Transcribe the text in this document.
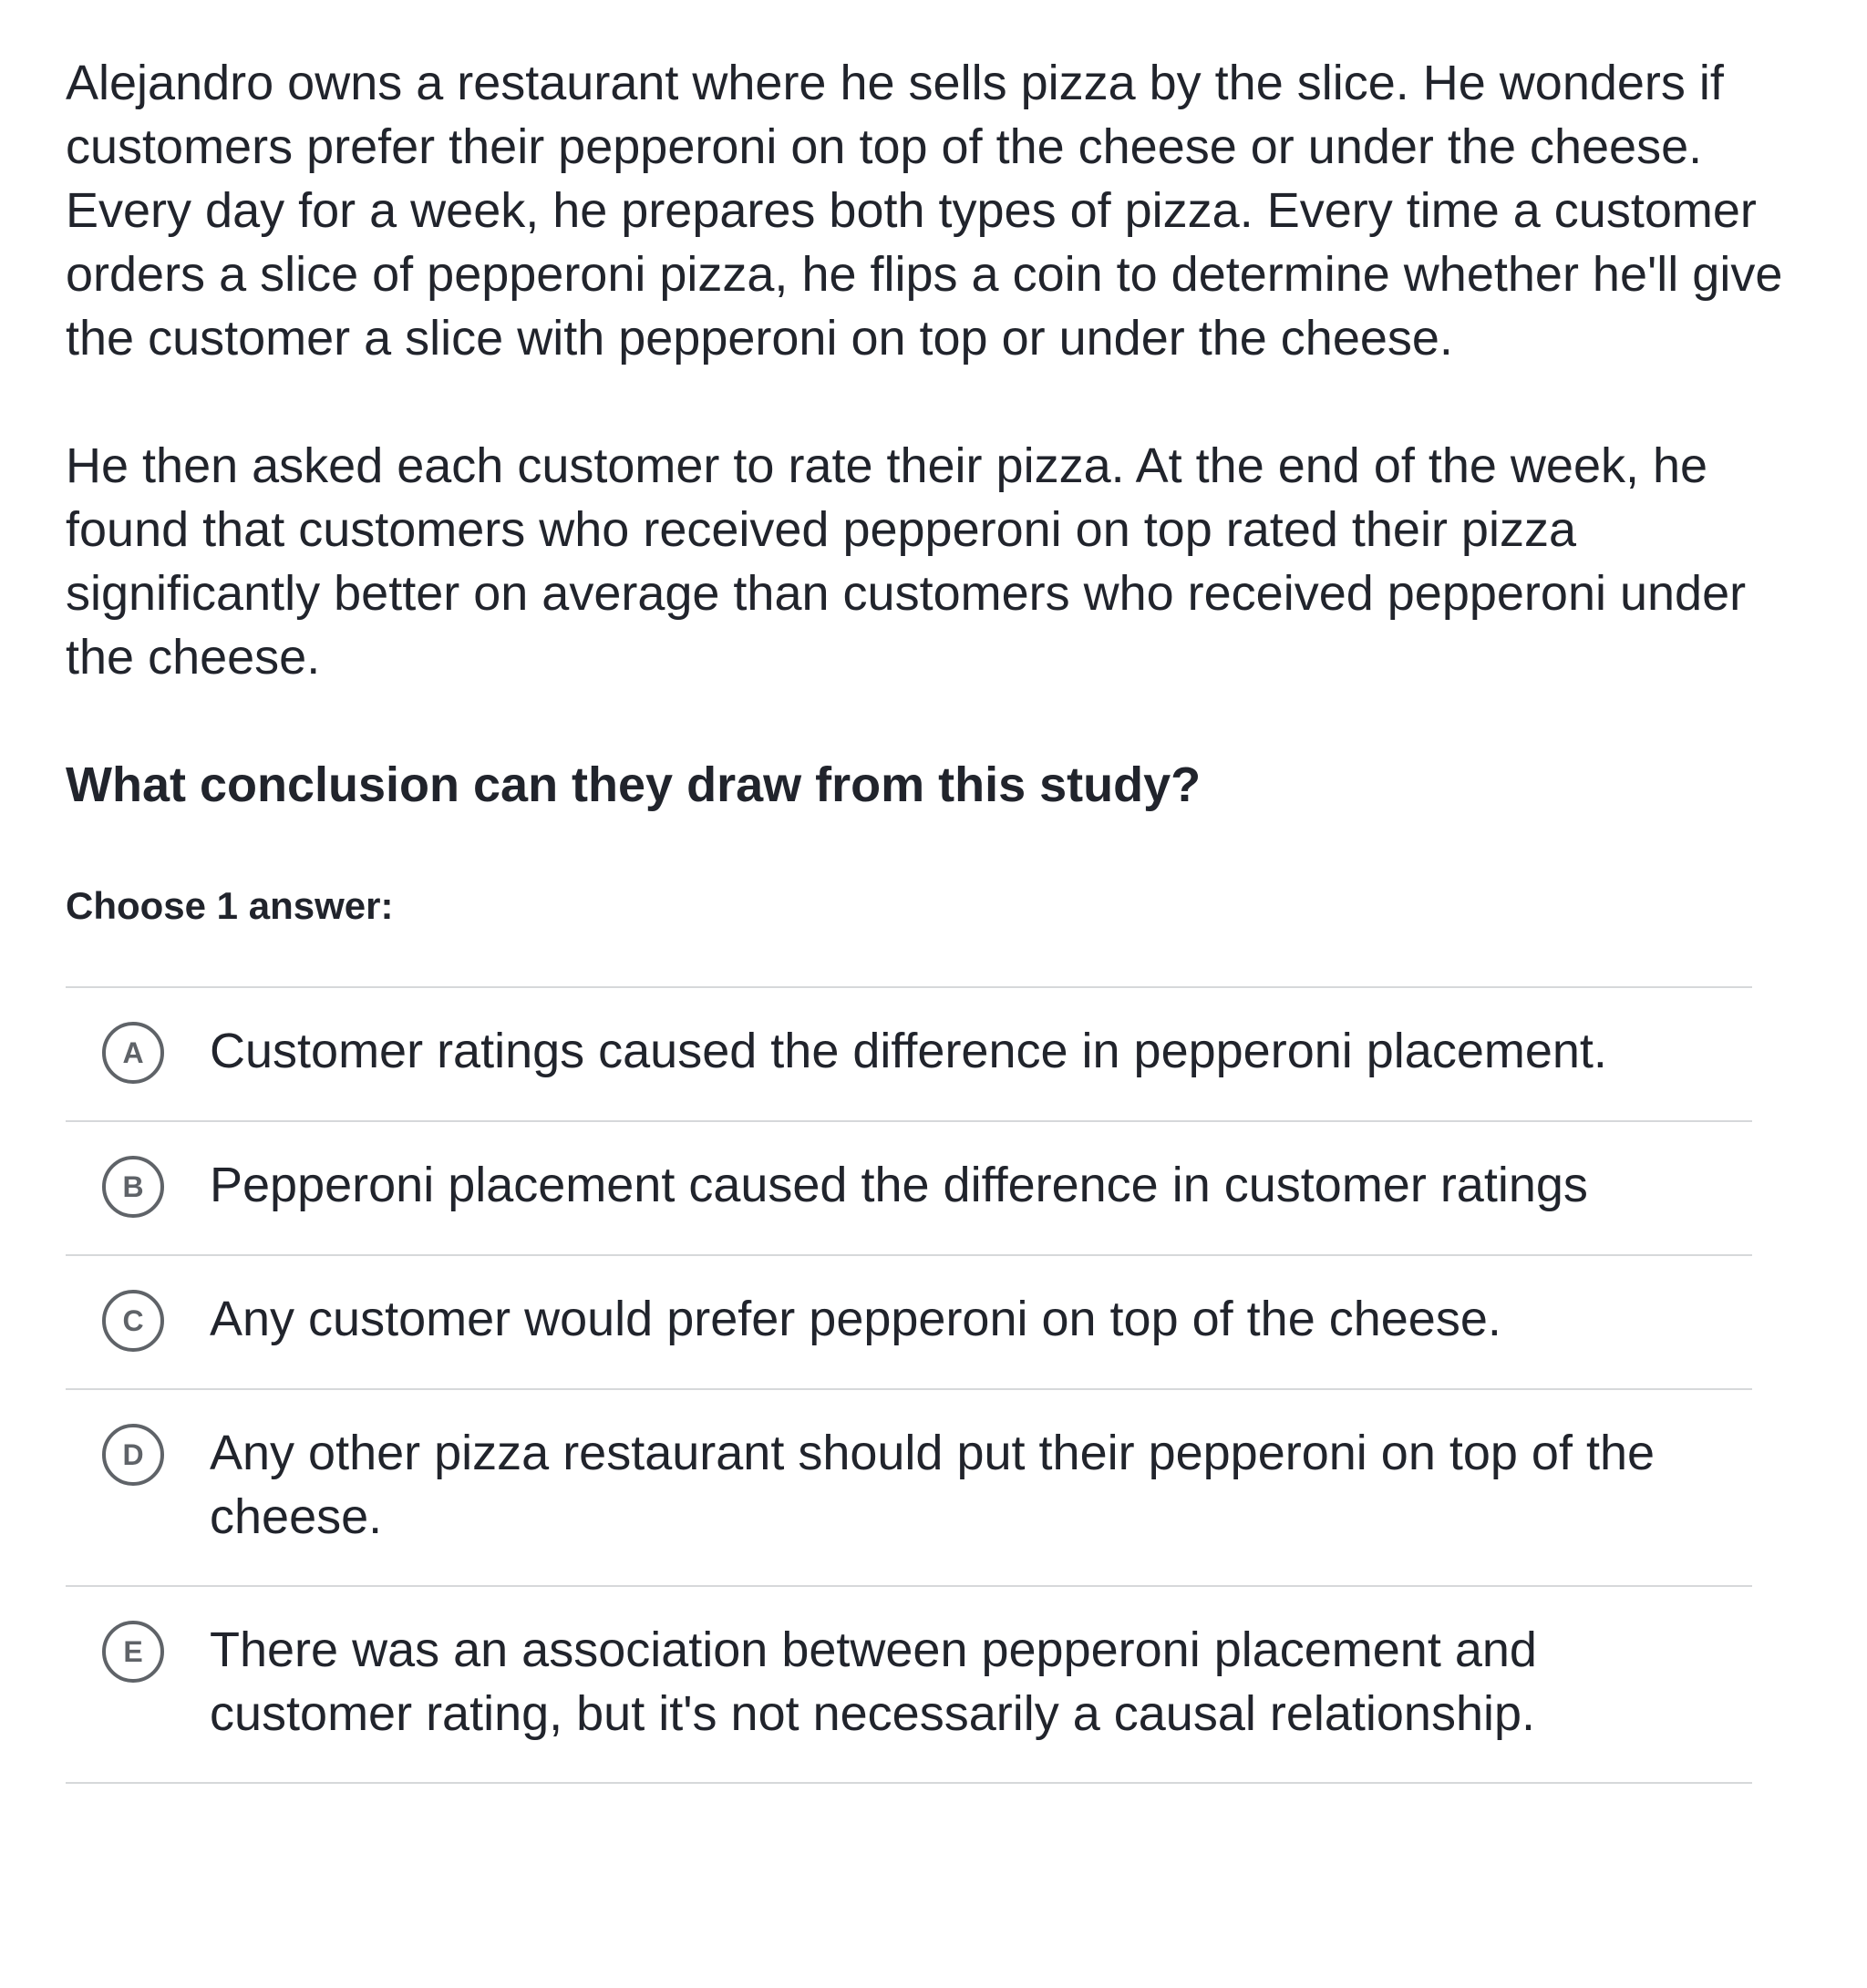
Alejandro owns a restaurant where he sells pizza by the slice. He wonders if customers prefer their pepperoni on top of the cheese or under the cheese. Every day for a week, he prepares both types of pizza. Every time a customer orders a slice of pepperoni pizza, he flips a coin to determine whether he'll give the customer a slice with pepperoni on top or under the cheese.

He then asked each customer to rate their pizza. At the end of the week, he found that customers who received pepperoni on top rated their pizza significantly better on average than customers who received pepperoni under the cheese.

What conclusion can they draw from this study?

Choose 1 answer:

A	Customer ratings caused the difference in pepperoni placement.
B	Pepperoni placement caused the difference in customer ratings
C	Any customer would prefer pepperoni on top of the cheese.
D	Any other pizza restaurant should put their pepperoni on top of the cheese.
E	There was an association between pepperoni placement and customer rating, but it's not necessarily a causal relationship.
